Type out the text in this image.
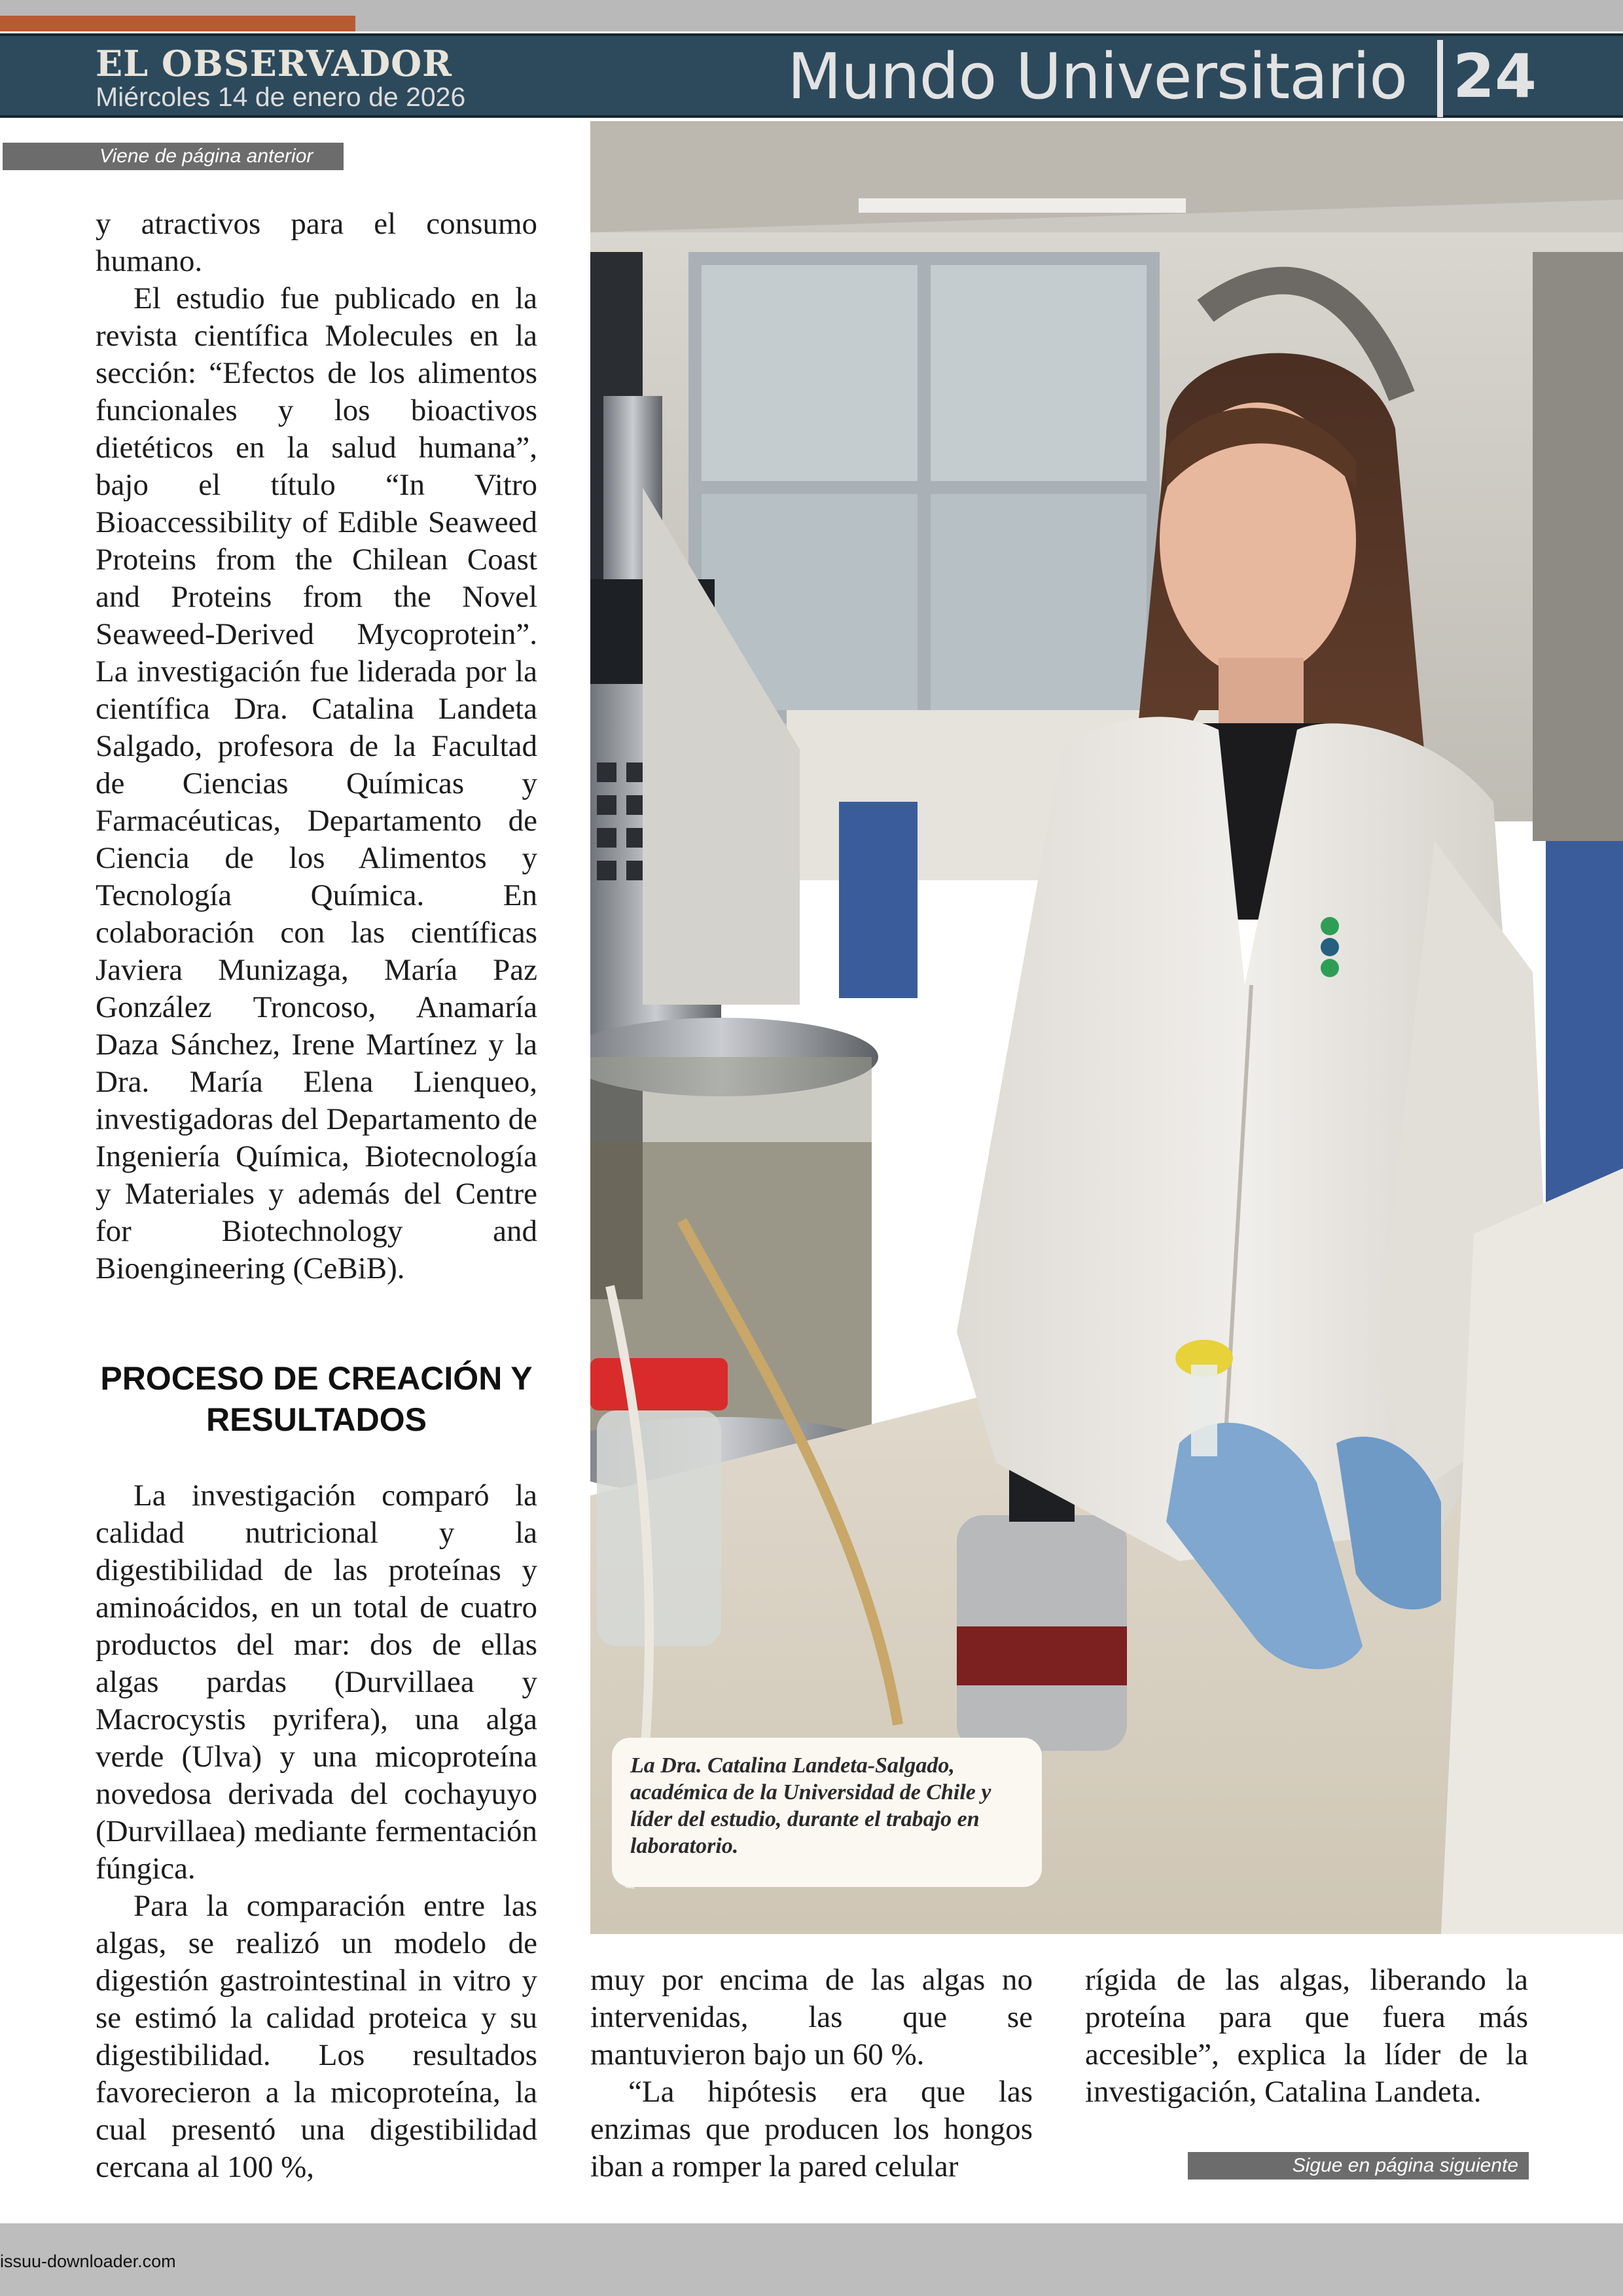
EL OBSERVADOR
Miércoles 14 de enero de 2026	Mundo Universitario 24
Viene de página anterior

y atractivos para el consumo humano.

El estudio fue publicado en la revista científica Molecules en la sección: “Efectos de los alimentos funcionales y los bioactivos dietéticos en la salud humana”, bajo el título “In Vitro Bioaccessibility of Edible Seaweed Proteins from the Chilean Coast and Proteins from the Novel Seaweed-Derived Mycoprotein”. La investigación fue liderada por la científica Dra. Catalina Landeta Salgado, profesora de la Facultad de Ciencias Químicas y Farmacéuticas, Departamento de Ciencia de los Alimentos y Tecnología Química. En colaboración con las científicas Javiera Munizaga, María Paz González Troncoso, Anamaría Daza Sánchez, Irene Martínez y la Dra. María Elena Lienqueo, investigadoras del Departamento de Ingeniería Química, Biotecnología y Materiales y además del Centre for Biotechnology and Bioengineering (CeBiB).

PROCESO DE CREACIÓN Y RESULTADOS

La investigación comparó la calidad nutricional y la digestibilidad de las proteínas y aminoácidos, en un total de cuatro productos del mar: dos de ellas algas pardas (Durvillaea y Macrocystis pyrifera), una alga verde (Ulva) y una micoproteína novedosa derivada del cochayuyo (Durvillaea) mediante fermentación fúngica.

Para la comparación entre las algas, se realizó un modelo de digestión gastrointestinal in vitro y se estimó la calidad proteica y su digestibilidad. Los resultados favorecieron a la micoproteína, la cual presentó una digestibilidad cercana al 100 %,

La Dra. Catalina Landeta-Salgado, académica de la Universidad de Chile y líder del estudio, durante el trabajo en laboratorio.

muy por encima de las algas no intervenidas, las que se mantuvieron bajo un 60 %.

“La hipótesis era que las enzimas que producen los hongos iban a romper la pared celular

rígida de las algas, liberando la proteína para que fuera más accesible”, explica la líder de la investigación, Catalina Landeta.

Sigue en página siguiente
issuu-downloader.com
